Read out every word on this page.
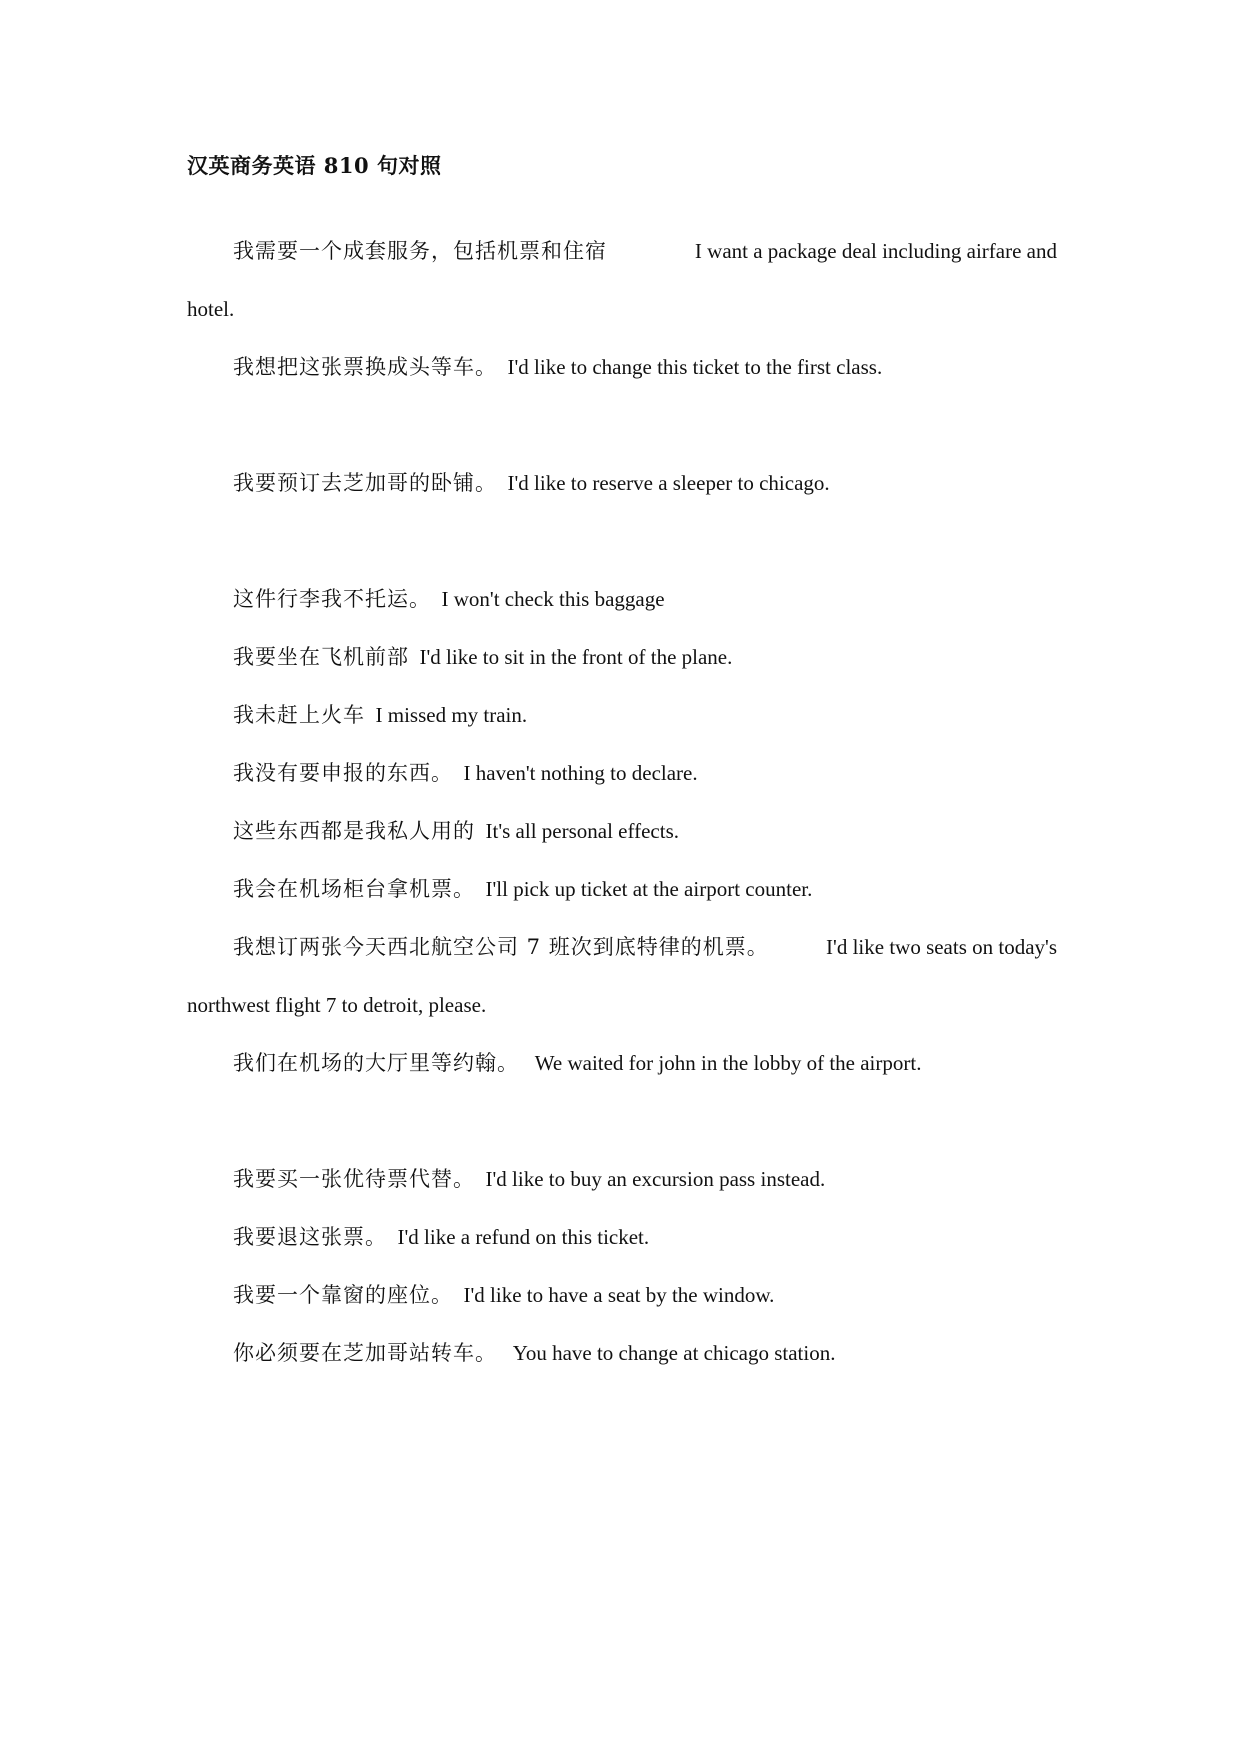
汉英商务英语 810 句对照
我需要一个成套服务，包括机票和住宿	I want a package deal including airfare and
hotel.
我想把这张票换成头等车。 I'd like to change this ticket to the first class.
我要预订去芝加哥的卧铺。 I'd like to reserve a sleeper to chicago.
这件行李我不托运。 I won't check this baggage
我要坐在飞机前部 I'd like to sit in the front of the plane.
我未赶上火车 I missed my train.
我没有要申报的东西。 I haven't nothing to declare.
这些东西都是我私人用的 It's all personal effects.
我会在机场柜台拿机票。 I'll pick up ticket at the airport counter.
我想订两张今天西北航空公司 7 班次到底特律的机票。	I'd like two seats on today's
northwest flight 7 to detroit, please.
我们在机场的大厅里等约翰。 We waited for john in the lobby of the airport.
我要买一张优待票代替。 I'd like to buy an excursion pass instead.
我要退这张票。 I'd like a refund on this ticket.
我要一个靠窗的座位。 I'd like to have a seat by the window.
你必须要在芝加哥站转车。 You have to change at chicago station.
